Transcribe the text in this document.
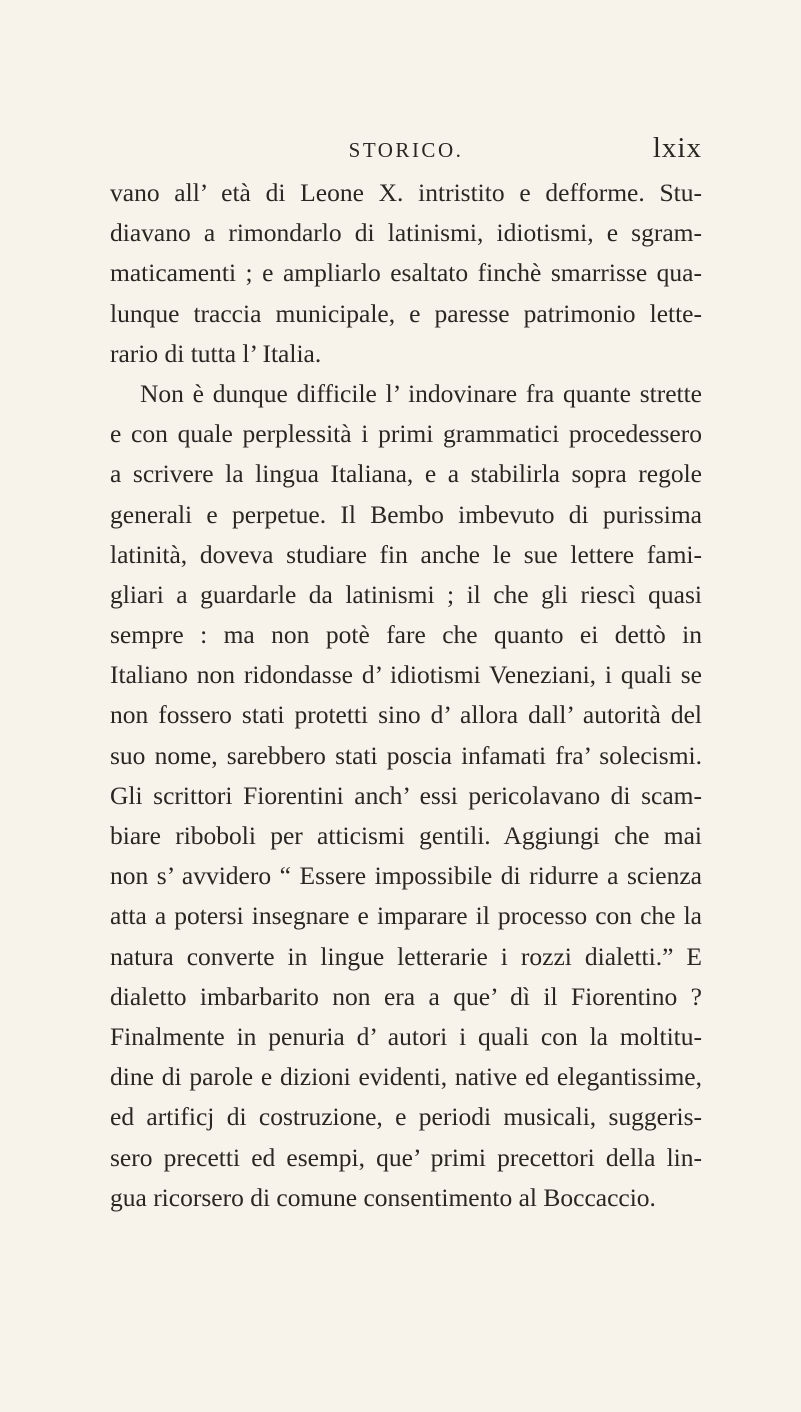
STORICO.	lxix
vano all’ età di Leone X. intristito e defforme. Stu-
diavano a rimondarlo di latinismi, idiotismi, e sgram-
maticamenti ; e ampliarlo esaltato finchè smarrisse qua-
lunque traccia municipale, e paresse patrimonio lette-
rario di tutta l’ Italia.
Non è dunque difficile l’ indovinare fra quante strette
e con quale perplessità i primi grammatici procedessero
a scrivere la lingua Italiana, e a stabilirla sopra regole
generali e perpetue. Il Bembo imbevuto di purissima
latinità, doveva studiare fin anche le sue lettere fami-
gliari a guardarle da latinismi ; il che gli riescì quasi
sempre : ma non potè fare che quanto ei dettò in
Italiano non ridondasse d’ idiotismi Veneziani, i quali se
non fossero stati protetti sino d’ allora dall’ autorità del
suo nome, sarebbero stati poscia infamati fra’ solecismi.
Gli scrittori Fiorentini anch’ essi pericolavano di scam-
biare riboboli per atticismi gentili. Aggiungi che mai
non s’ avvidero “ Essere impossibile di ridurre a scienza
atta a potersi insegnare e imparare il processo con che la
natura converte in lingue letterarie i rozzi dialetti.” E
dialetto imbarbarito non era a que’ dì il Fiorentino ?
Finalmente in penuria d’ autori i quali con la moltitu-
dine di parole e dizioni evidenti, native ed elegantissime,
ed artificj di costruzione, e periodi musicali, suggeris-
sero precetti ed esempi, que’ primi precettori della lin-
gua ricorsero di comune consentimento al Boccaccio.
